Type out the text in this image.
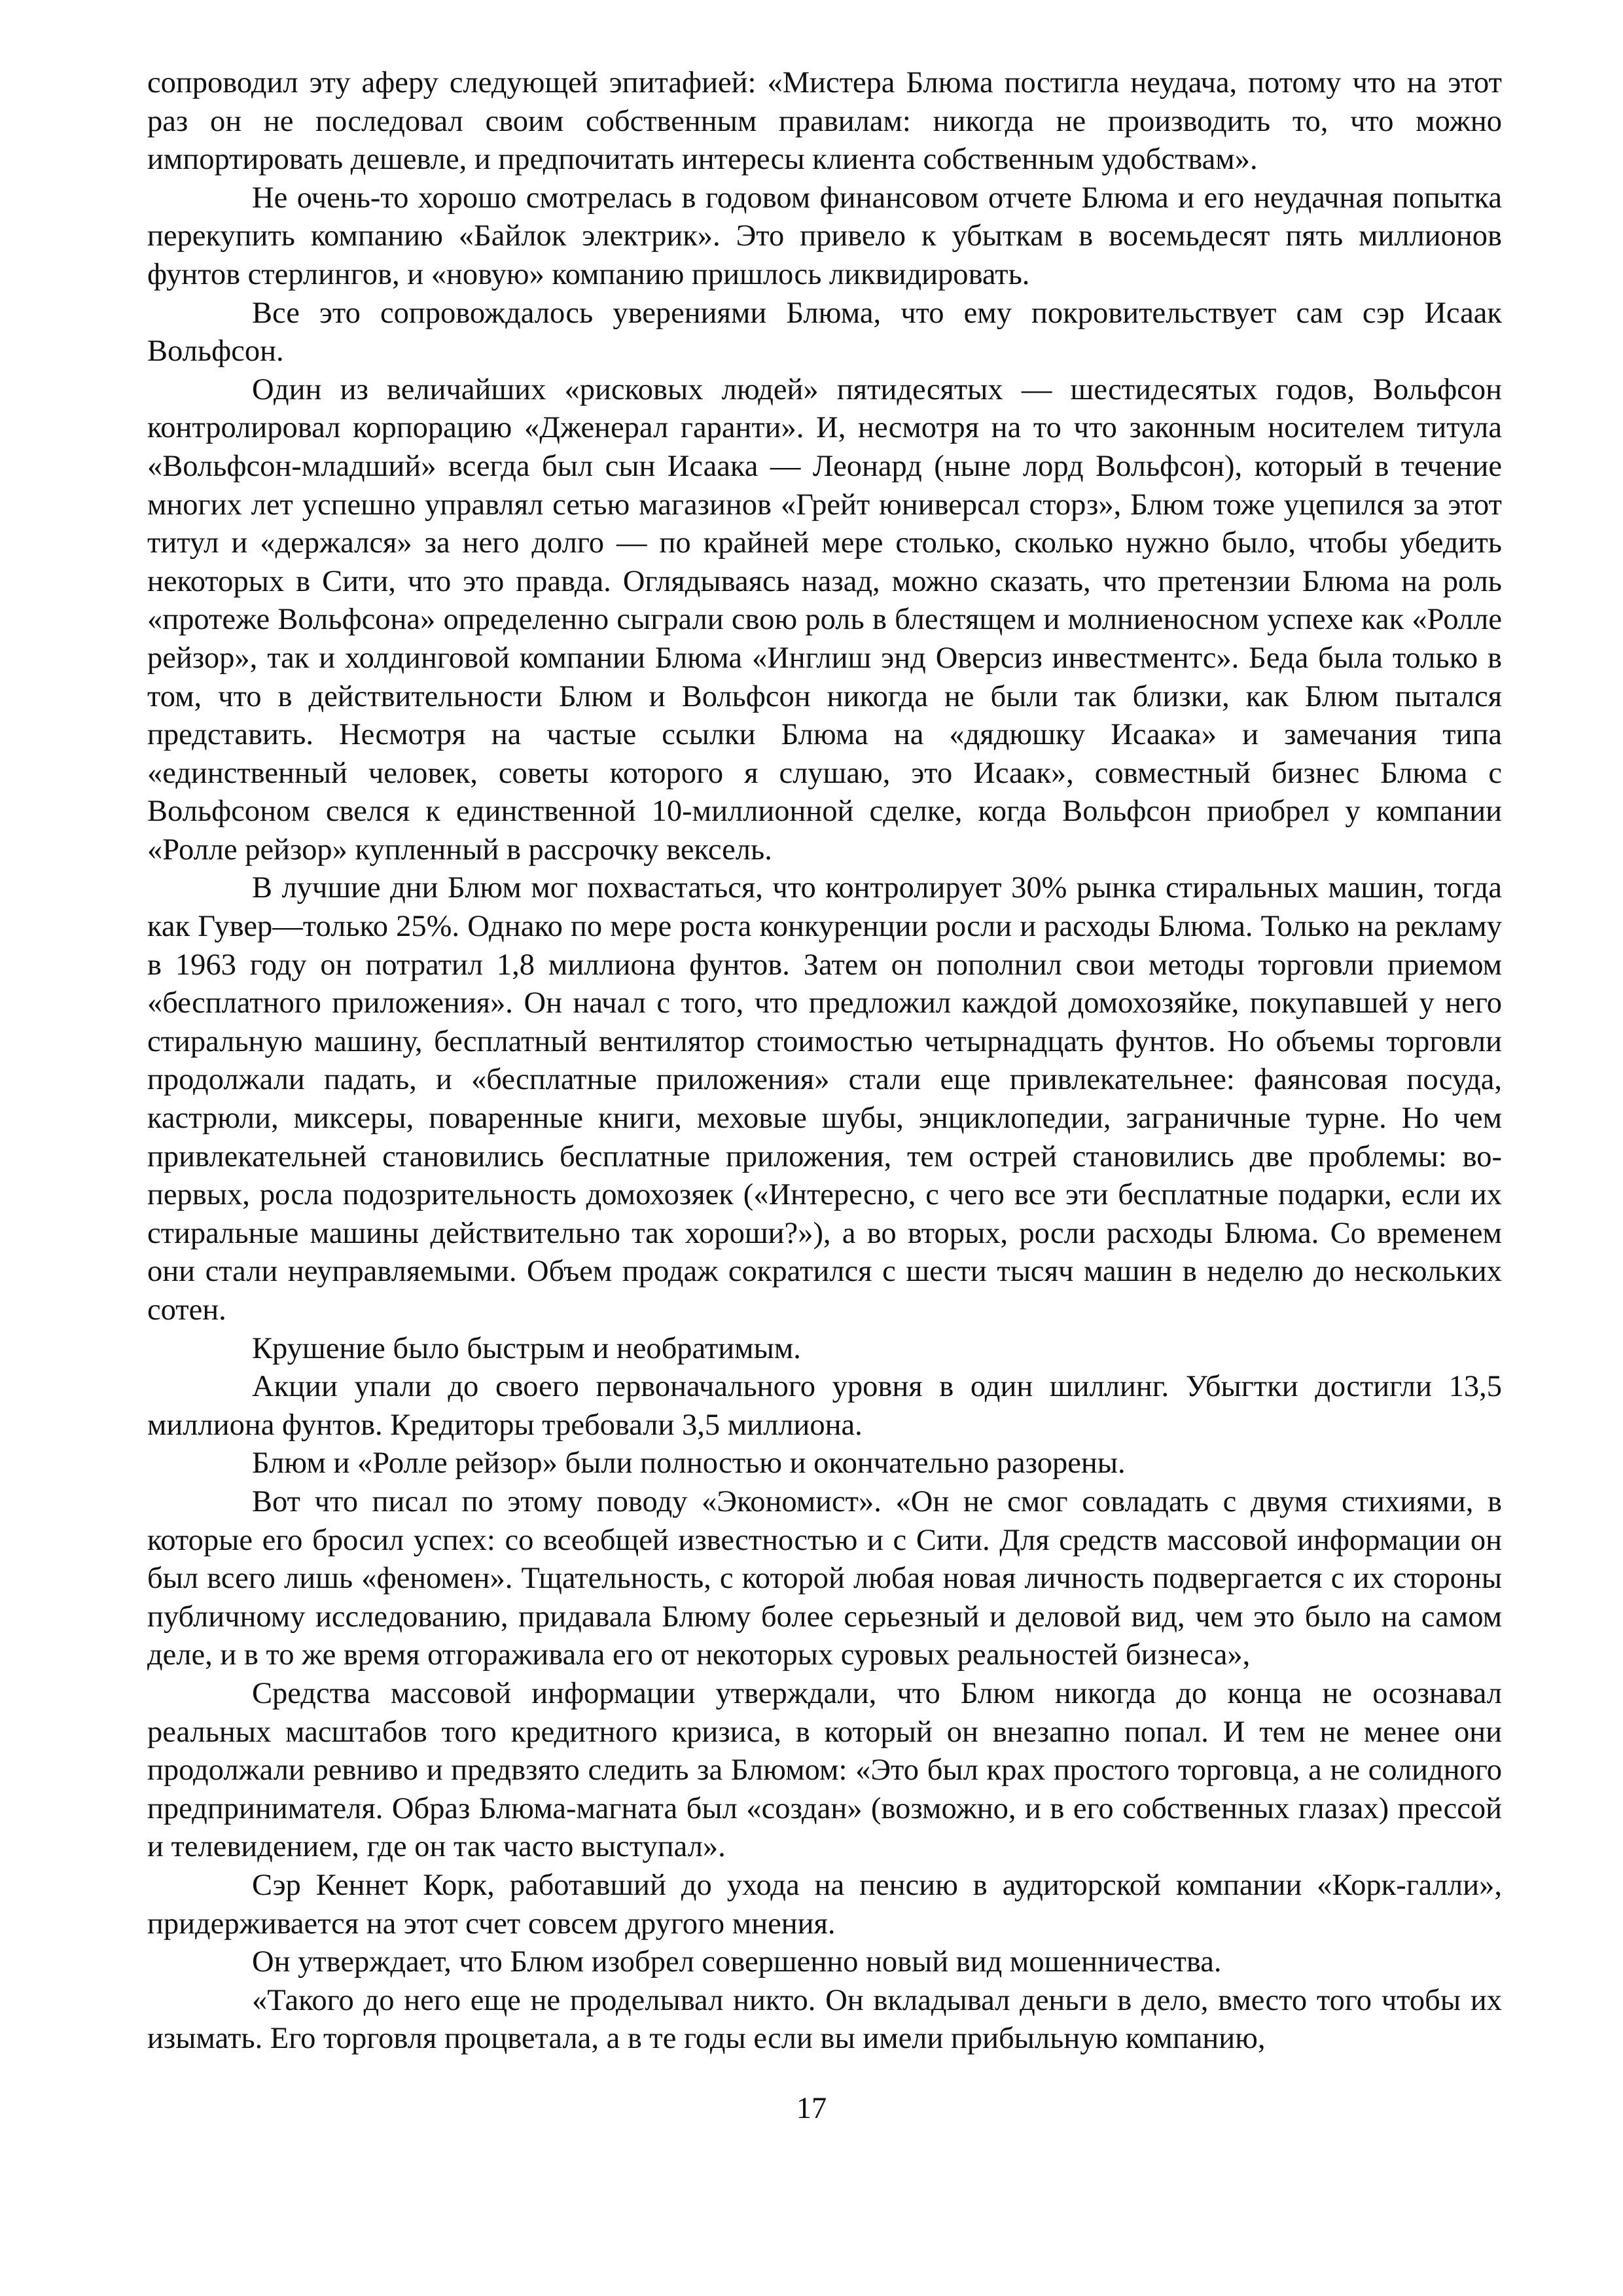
сопроводил эту аферу следующей эпитафией: «Мистера Блюма постигла неудача, потому что на этот раз он не последовал своим собственным правилам: никогда не производить то, что можно импортировать дешевле, и предпочитать интересы клиента собственным удобствам».

Не очень-то хорошо смотрелась в годовом финансовом отчете Блюма и его неудачная попытка перекупить компанию «Байлок электрик». Это привело к убыткам в восемьдесят пять миллионов фунтов стерлингов, и «новую» компанию пришлось ликвидировать.

Все это сопровождалось уверениями Блюма, что ему покровительствует сам сэр Исаак Вольфсон.

Один из величайших «рисковых людей» пятидесятых — шестидесятых годов, Вольфсон контролировал корпорацию «Дженерал гаранти». И, несмотря на то что законным носителем титула «Вольфсон-младший» всегда был сын Исаака — Леонард (ныне лорд Вольфсон), который в течение многих лет успешно управлял сетью магазинов «Грейт юниверсал сторз», Блюм тоже уцепился за этот титул и «держался» за него долго — по крайней мере столько, сколько нужно было, чтобы убедить некоторых в Сити, что это правда. Оглядываясь назад, можно сказать, что претензии Блюма на роль «протеже Вольфсона» определенно сыграли свою роль в блестящем и молниеносном успехе как «Ролле рейзор», так и холдинговой компании Блюма «Инглиш энд Оверсиз инвестментс». Беда была только в том, что в действительности Блюм и Вольфсон никогда не были так близки, как Блюм пытался представить. Несмотря на частые ссылки Блюма на «дядюшку Исаака» и замечания типа «единственный человек, советы которого я слушаю, это Исаак», совместный бизнес Блюма с Вольфсоном свелся к единственной 10-миллионной сделке, когда Вольфсон приобрел у компании «Ролле рейзор» купленный в рассрочку вексель.

В лучшие дни Блюм мог похвастаться, что контролирует 30% рынка стиральных машин, тогда как Гувер—только 25%. Однако по мере роста конкуренции росли и расходы Блюма. Только на рекламу в 1963 году он потратил 1,8 миллиона фунтов. Затем он пополнил свои методы торговли приемом «бесплатного приложения». Он начал с того, что предложил каждой домохозяйке, покупавшей у него стиральную машину, бесплатный вентилятор стоимостью четырнадцать фунтов. Но объемы торговли продолжали падать, и «бесплатные приложения» стали еще привлекательнее: фаянсовая посуда, кастрюли, миксеры, поваренные книги, меховые шубы, энциклопедии, заграничные турне. Но чем привлекательней становились бесплатные приложения, тем острей становились две проблемы: во-первых, росла подозрительность домохозяек («Интересно, с чего все эти бесплатные подарки, если их стиральные машины действительно так хороши?»), а во вторых, росли расходы Блюма. Со временем они стали неуправляемыми. Объем продаж сократился с шести тысяч машин в неделю до нескольких сотен.

Крушение было быстрым и необратимым.

Акции упали до своего первоначального уровня в один шиллинг. Убыгтки достигли 13,5 миллиона фунтов. Кредиторы требовали 3,5 миллиона.

Блюм и «Ролле рейзор» были полностью и окончательно разорены.

Вот что писал по этому поводу «Экономист». «Он не смог совладать с двумя стихиями, в которые его бросил успех: со всеобщей известностью и с Сити. Для средств массовой информации он был всего лишь «феномен». Тщательность, с которой любая новая личность подвергается с их стороны публичному исследованию, придавала Блюму более серьезный и деловой вид, чем это было на самом деле, и в то же время отгораживала его от некоторых суровых реальностей бизнеса»,

Средства массовой информации утверждали, что Блюм никогда до конца не осознавал реальных масштабов того кредитного кризиса, в который он внезапно попал. И тем не менее они продолжали ревниво и предвзято следить за Блюмом: «Это был крах простого торговца, а не солидного предпринимателя. Образ Блюма-магната был «создан» (возможно, и в его собственных глазах) прессой и телевидением, где он так часто выступал».

Сэр Кеннет Корк, работавший до ухода на пенсию в аудиторской компании «Корк-галли», придерживается на этот счет совсем другого мнения.

Он утверждает, что Блюм изобрел совершенно новый вид мошенничества.

«Такого до него еще не проделывал никто. Он вкладывал деньги в дело, вместо того чтобы их изымать. Его торговля процветала, а в те годы если вы имели прибыльную компанию,

17
